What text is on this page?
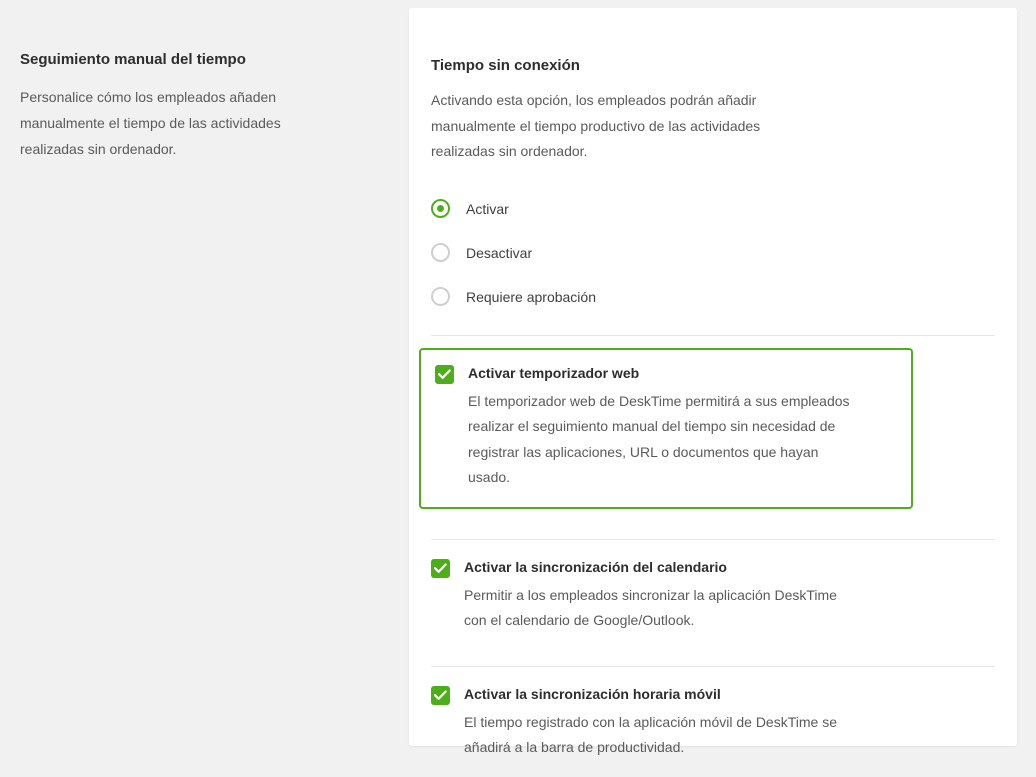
Seguimiento manual del tiempo

Personalice cómo los empleados añaden manualmente el tiempo de las actividades realizadas sin ordenador.

Tiempo sin conexión

Activando esta opción, los empleados podrán añadir manualmente el tiempo productivo de las actividades realizadas sin ordenador.

Activar
Desactivar
Requiere aprobación
Activar temporizador web

El temporizador web de DeskTime permitirá a sus empleados realizar el seguimiento manual del tiempo sin necesidad de registrar las aplicaciones, URL o documentos que hayan usado.

Activar la sincronización del calendario

Permitir a los empleados sincronizar la aplicación DeskTime con el calendario de Google/Outlook.

Activar la sincronización horaria móvil

El tiempo registrado con la aplicación móvil de DeskTime se añadirá a la barra de productividad.
